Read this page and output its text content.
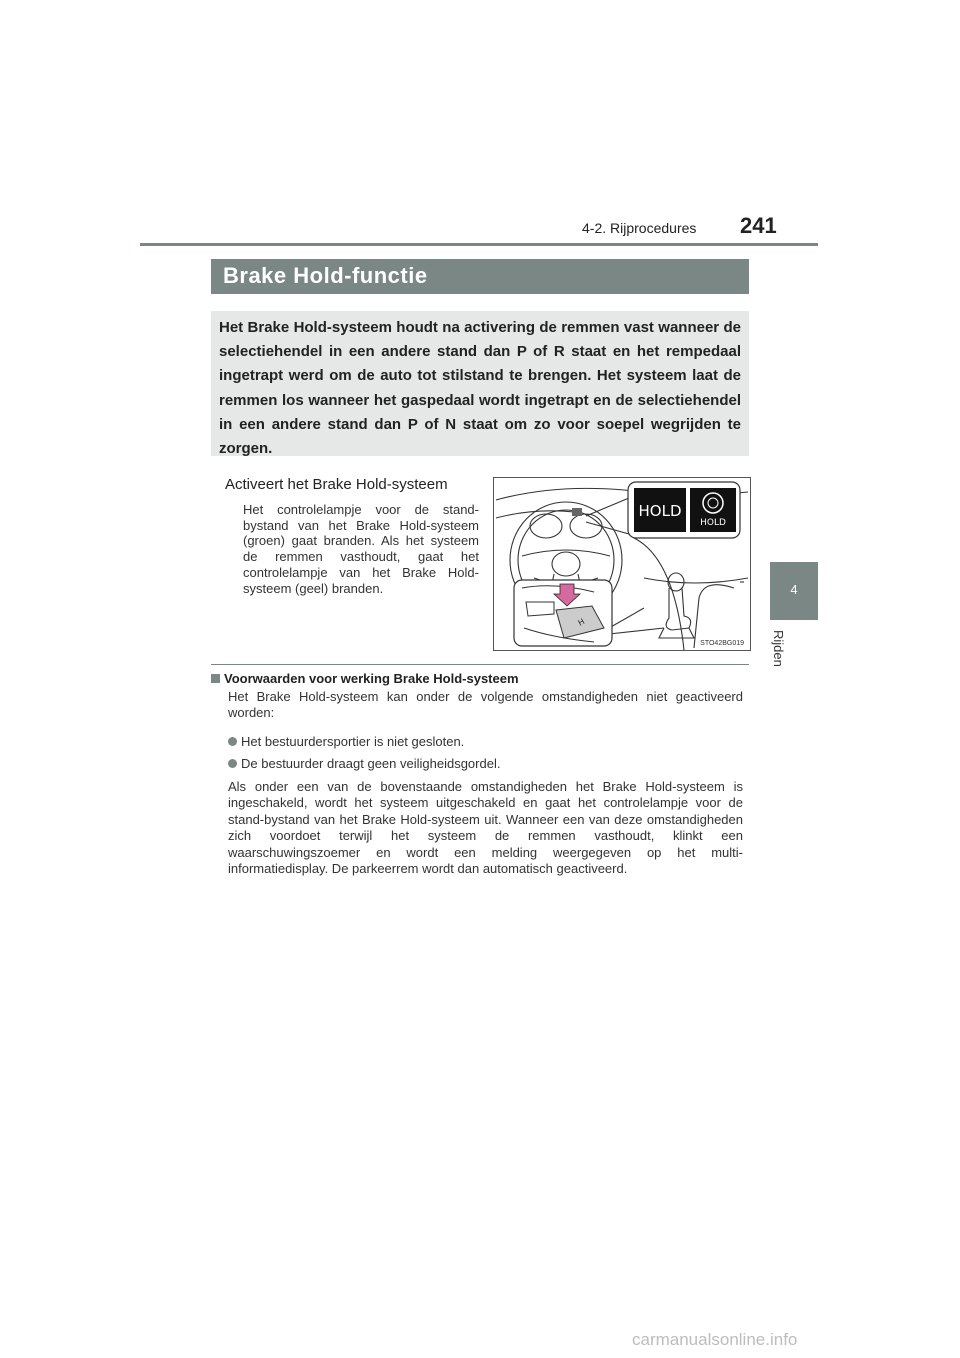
4-2. Rijprocedures 241
4
Rijden
Brake Hold-functie
Het Brake Hold-systeem houdt na activering de remmen vast wanneer de selectiehendel in een andere stand dan P of R staat en het rempedaal ingetrapt werd om de auto tot stilstand te brengen. Het systeem laat de remmen los wanneer het gaspedaal wordt ingetrapt en de selectiehendel in een andere stand dan P of N staat om zo voor soepel wegrijden te zorgen.
Activeert het Brake Hold-systeem
Het controlelampje voor de stand-bystand van het Brake Hold-systeem (groen) gaat branden. Als het systeem de remmen vasthoudt, gaat het controlelampje van het Brake Hold-systeem (geel) branden.
HOLD
HOLD
H
STO42BG019
Voorwaarden voor werking Brake Hold-systeem
Het Brake Hold-systeem kan onder de volgende omstandigheden niet geactiveerd worden:
Het bestuurdersportier is niet gesloten.
De bestuurder draagt geen veiligheidsgordel.
Als onder een van de bovenstaande omstandigheden het Brake Hold-systeem is ingeschakeld, wordt het systeem uitgeschakeld en gaat het controlelampje voor de stand-bystand van het Brake Hold-systeem uit. Wanneer een van deze omstandigheden zich voordoet terwijl het systeem de remmen vasthoudt, klinkt een waarschuwingszoemer en wordt een melding weergegeven op het multi-informatiedisplay. De parkeerrem wordt dan automatisch geactiveerd.
carmanualsonline.info
